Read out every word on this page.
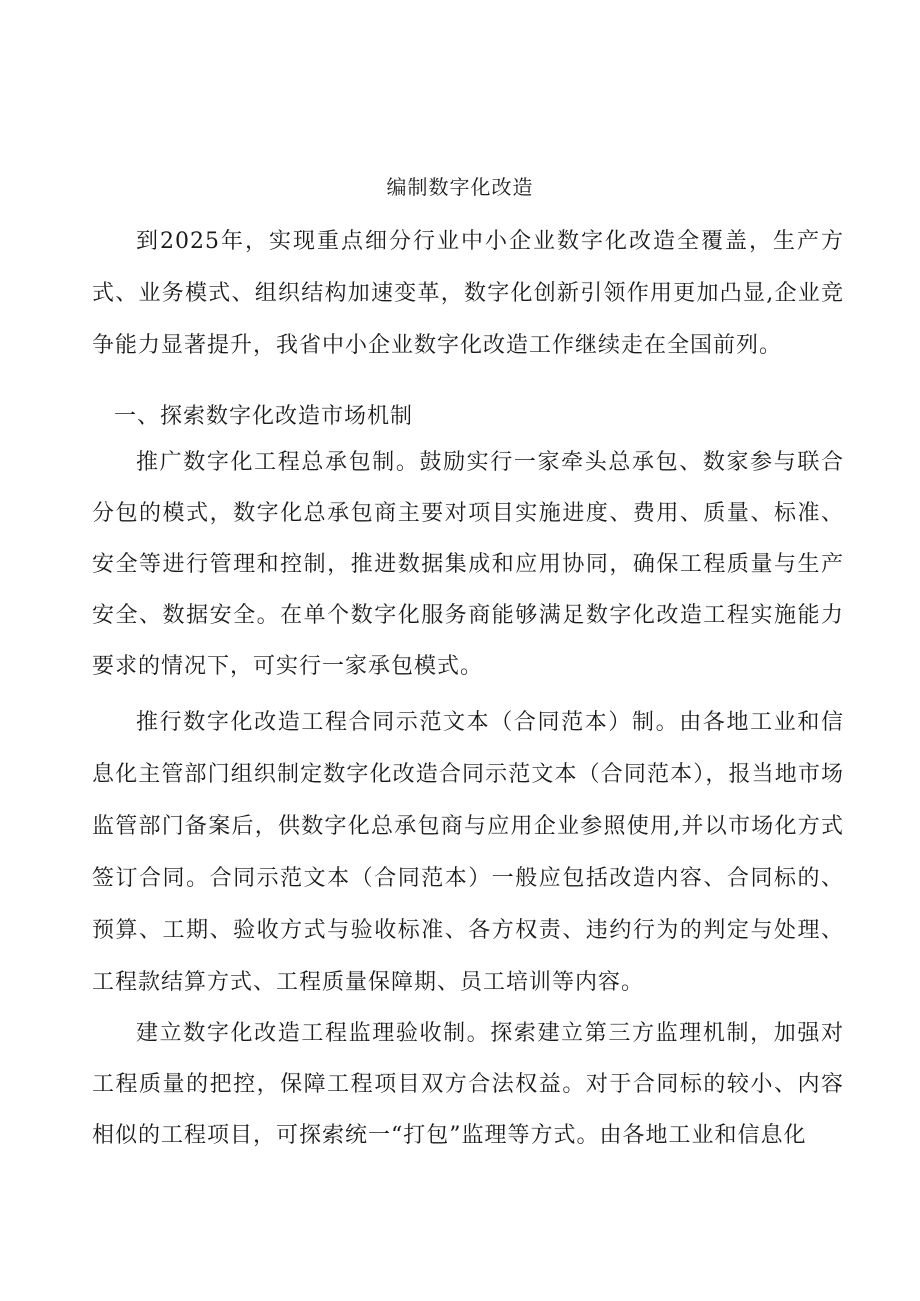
编制数字化改造

到2025年，实现重点细分行业中小企业数字化改造全覆盖，生产方式、业务模式、组织结构加速变革，数字化创新引领作用更加凸显,企业竞争能力显著提升，我省中小企业数字化改造工作继续走在全国前列。

一、探索数字化改造市场机制

推广数字化工程总承包制。鼓励实行一家牵头总承包、数家参与联合分包的模式，数字化总承包商主要对项目实施进度、费用、质量、标准、安全等进行管理和控制，推进数据集成和应用协同，确保工程质量与生产安全、数据安全。在单个数字化服务商能够满足数字化改造工程实施能力要求的情况下，可实行一家承包模式。

推行数字化改造工程合同示范文本（合同范本）制。由各地工业和信息化主管部门组织制定数字化改造合同示范文本（合同范本），报当地市场监管部门备案后，供数字化总承包商与应用企业参照使用,并以市场化方式签订合同。合同示范文本（合同范本）一般应包括改造内容、合同标的、预算、工期、验收方式与验收标准、各方权责、违约行为的判定与处理、工程款结算方式、工程质量保障期、员工培训等内容。

建立数字化改造工程监理验收制。探索建立第三方监理机制，加强对工程质量的把控，保障工程项目双方合法权益。对于合同标的较小、内容相似的工程项目，可探索统一“打包”监理等方式。由各地工业和信息化
